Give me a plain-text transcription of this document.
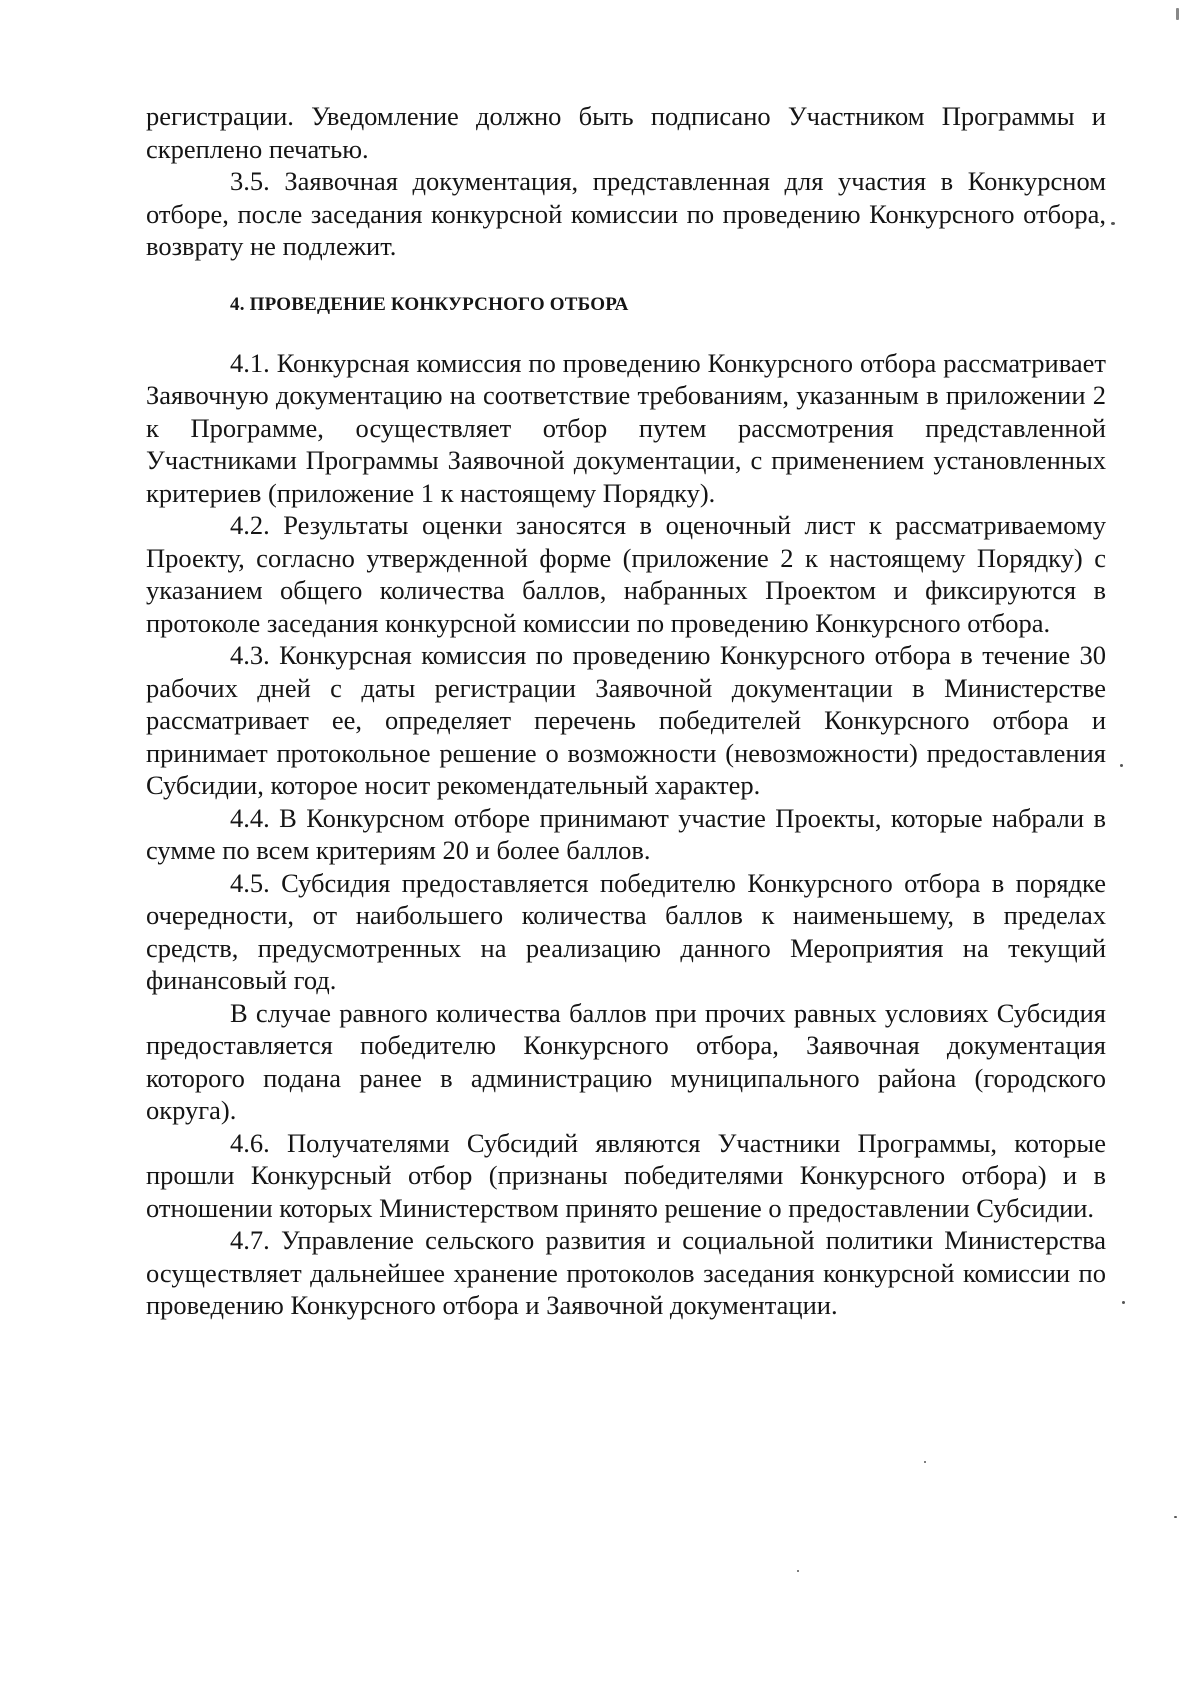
регистрации. Уведомление должно быть подписано Участником Программы и скреплено печатью.

3.5. Заявочная документация, представленная для участия в Конкурсном отборе, после заседания конкурсной комиссии по проведению Конкурсного отбора, возврату не подлежит.

4. ПРОВЕДЕНИЕ КОНКУРСНОГО ОТБОРА

4.1. Конкурсная комиссия по проведению Конкурсного отбора рассматривает Заявочную документацию на соответствие требованиям, указанным в приложении 2 к Программе, осуществляет отбор путем рассмотрения представленной Участниками Программы Заявочной документации, с применением установленных критериев (приложение 1 к настоящему Порядку).

4.2. Результаты оценки заносятся в оценочный лист к рассматриваемому Проекту, согласно утвержденной форме (приложение 2 к настоящему Порядку) с указанием общего количества баллов, набранных Проектом и фиксируются в протоколе заседания конкурсной комиссии по проведению Конкурсного отбора.

4.3. Конкурсная комиссия по проведению Конкурсного отбора в течение 30 рабочих дней с даты регистрации Заявочной документации в Министерстве рассматривает ее, определяет перечень победителей Конкурсного отбора и принимает протокольное решение о возможности (невозможности) предоставления Субсидии, которое носит рекомендательный характер.

4.4. В Конкурсном отборе принимают участие Проекты, которые набрали в сумме по всем критериям 20 и более баллов.

4.5. Субсидия предоставляется победителю Конкурсного отбора в порядке очередности, от наибольшего количества баллов к наименьшему, в пределах средств, предусмотренных на реализацию данного Мероприятия на текущий финансовый год.

В случае равного количества баллов при прочих равных условиях Субсидия предоставляется победителю Конкурсного отбора, Заявочная документация которого подана ранее в администрацию муниципального района (городского округа).

4.6. Получателями Субсидий являются Участники Программы, которые прошли Конкурсный отбор (признаны победителями Конкурсного отбора) и в отношении которых Министерством принято решение о предоставлении Субсидии.

4.7. Управление сельского развития и социальной политики Министерства осуществляет дальнейшее хранение протоколов заседания конкурсной комиссии по проведению Конкурсного отбора и Заявочной документации.
